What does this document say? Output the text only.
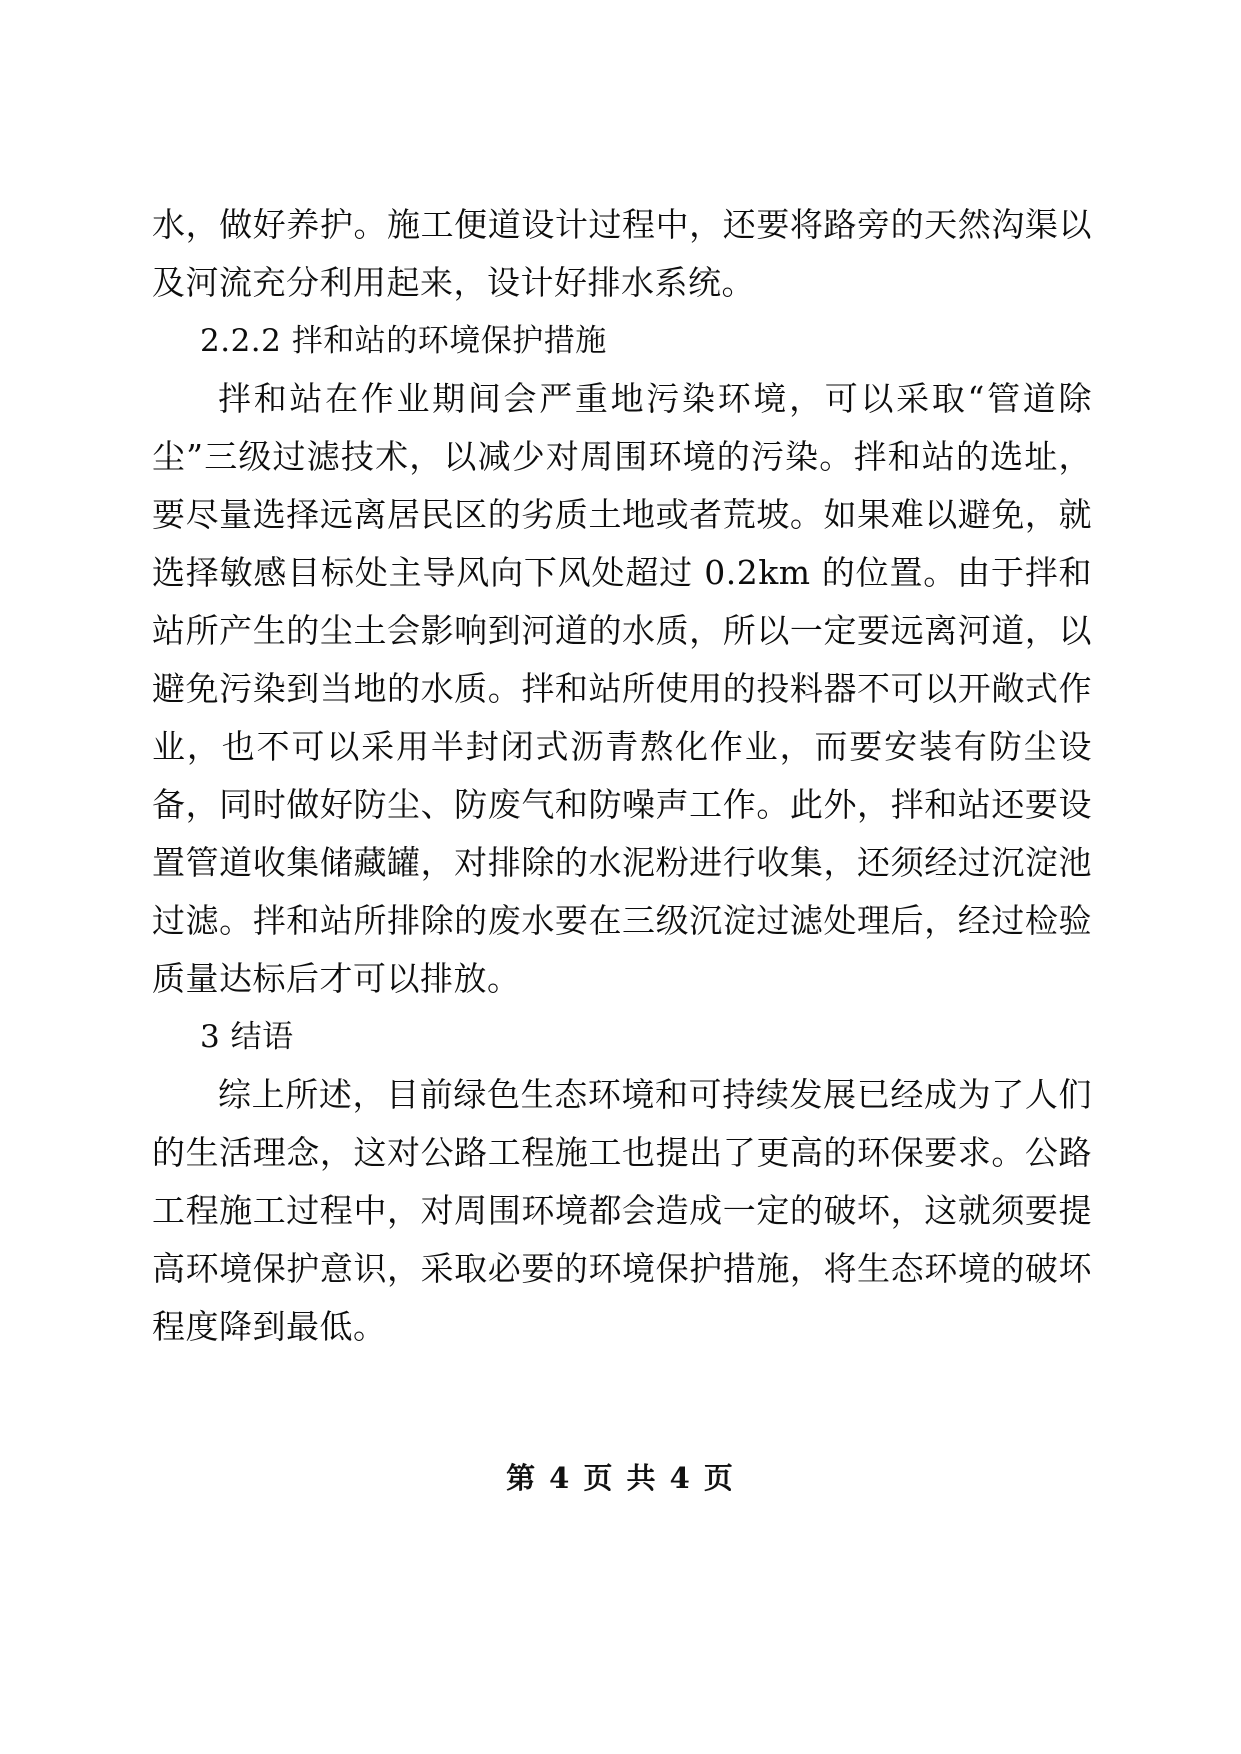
水，做好养护。施工便道设计过程中，还要将路旁的天然沟渠以及河流充分利用起来，设计好排水系统。

2.2.2 拌和站的环境保护措施

拌和站在作业期间会严重地污染环境，可以采取“管道除尘”三级过滤技术，以减少对周围环境的污染。拌和站的选址，要尽量选择远离居民区的劣质土地或者荒坡。如果难以避免，就选择敏感目标处主导风向下风处超过 0.2km 的位置。由于拌和站所产生的尘土会影响到河道的水质，所以一定要远离河道，以避免污染到当地的水质。拌和站所使用的投料器不可以开敞式作业，也不可以采用半封闭式沥青熬化作业，而要安装有防尘设备，同时做好防尘、防废气和防噪声工作。此外，拌和站还要设置管道收集储藏罐，对排除的水泥粉进行收集，还须经过沉淀池过滤。拌和站所排除的废水要在三级沉淀过滤处理后，经过检验质量达标后才可以排放。

3 结语

综上所述，目前绿色生态环境和可持续发展已经成为了人们的生活理念，这对公路工程施工也提出了更高的环保要求。公路工程施工过程中，对周围环境都会造成一定的破坏，这就须要提高环境保护意识，采取必要的环境保护措施，将生态环境的破坏程度降到最低。

第 4 页 共 4 页
